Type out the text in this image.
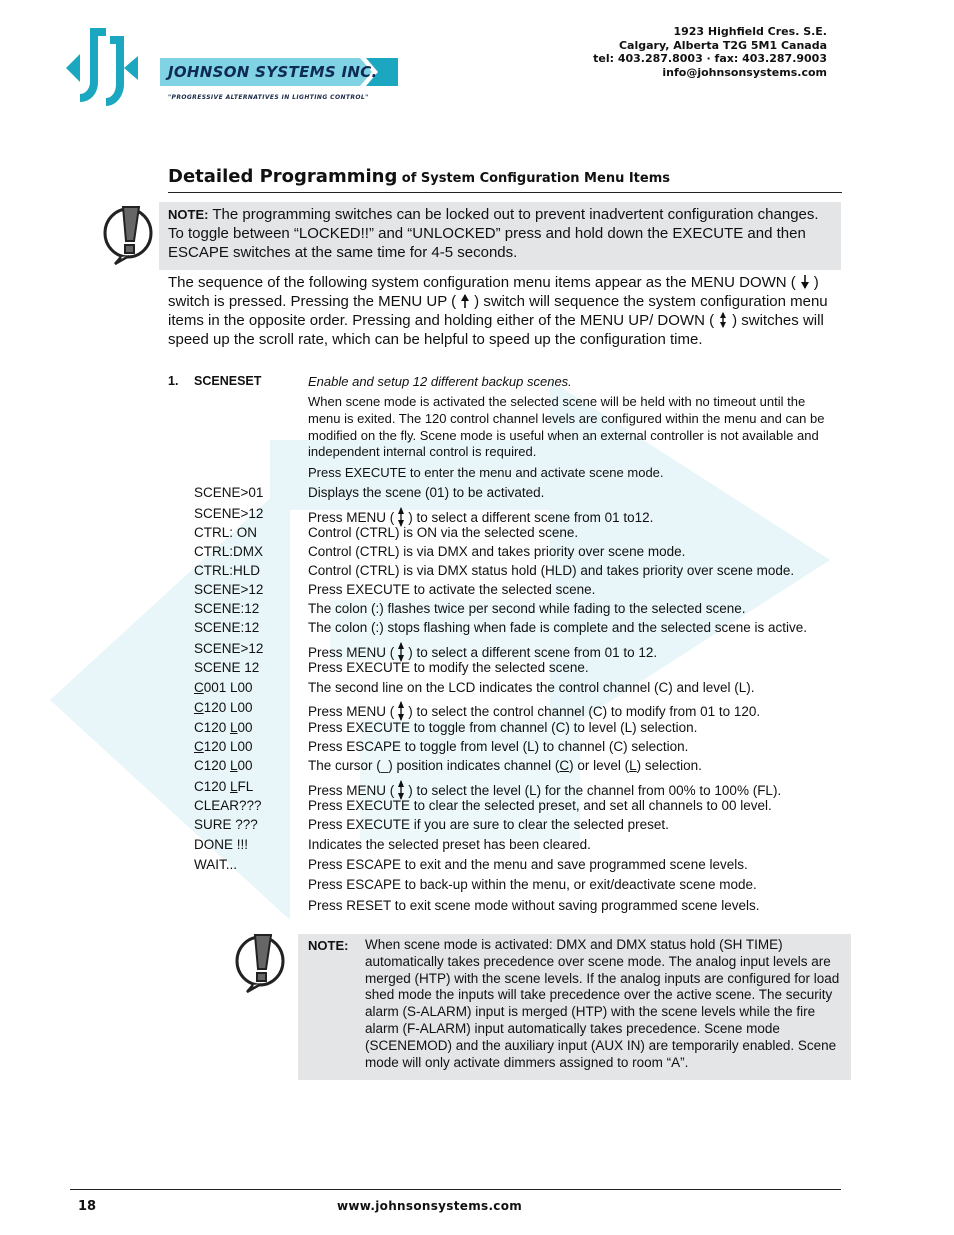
JOHNSON SYSTEMS INC.
"PROGRESSIVE ALTERNATIVES IN LIGHTING CONTROL"
1923 Highfield Cres. S.E.
Calgary, Alberta T2G 5M1 Canada
tel: 403.287.8003 · fax: 403.287.9003
info@johnsonsystems.com
Detailed Programming of System Configuration Menu Items
NOTE: The programming switches can be locked out to prevent inadvertent configuration changes. To toggle between “LOCKED!!” and “UNLOCKED” press and hold down the EXECUTE and then ESCAPE switches at the same time for 4-5 seconds.
The sequence of the following system configuration menu items appear as the MENU DOWN ( ) switch is pressed. Pressing the MENU UP ( ) switch will sequence the system configuration menu items in the opposite order. Pressing and holding either of the MENU UP/ DOWN ( ) switches will speed up the scroll rate, which can be helpful to speed up the configuration time.
1. SCENESET	Enable and setup 12 different backup scenes.
When scene mode is activated the selected scene will be held with no timeout until the menu is exited. The 120 control channel levels are configured within the menu and can be modified on the fly. Scene mode is useful when an external controller is not available and independent internal control is required.
Press EXECUTE to enter the menu and activate scene mode.
SCENE>01	Displays the scene (01) to be activated.
SCENE>12	Press MENU ( ) to select a different scene from 01 to12.
CTRL: ON	Control (CTRL) is ON via the selected scene.
CTRL:DMX	Control (CTRL) is via DMX and takes priority over scene mode.
CTRL:HLD	Control (CTRL) is via DMX status hold (HLD) and takes priority over scene mode.
SCENE>12	Press EXECUTE to activate the selected scene.
SCENE:12	The colon (:) flashes twice per second while fading to the selected scene.
SCENE:12	The colon (:) stops flashing when fade is complete and the selected scene is active.
SCENE>12	Press MENU ( ) to select a different scene from 01 to 12.
SCENE 12	Press EXECUTE to modify the selected scene.
C001 L00	The second line on the LCD indicates the control channel (C) and level (L).
C120 L00	Press MENU ( ) to select the control channel (C) to modify from 01 to 120.
C120 L00	Press EXECUTE to toggle from channel (C) to level (L) selection.
C120 L00	Press ESCAPE to toggle from level (L) to channel (C) selection.
C120 L00	The cursor (_) position indicates channel (C) or level (L) selection.
C120 LFL	Press MENU ( ) to select the level (L) for the channel from 00% to 100% (FL).
CLEAR???	Press EXECUTE to clear the selected preset, and set all channels to 00 level.
SURE ???	Press EXECUTE if you are sure to clear the selected preset.
DONE !!!	Indicates the selected preset has been cleared.
WAIT...	Press ESCAPE to exit and the menu and save programmed scene levels.
Press ESCAPE to back-up within the menu, or exit/deactivate scene mode.
Press RESET to exit scene mode without saving programmed scene levels.
NOTE: When scene mode is activated: DMX and DMX status hold (SH TIME) automatically takes precedence over scene mode. The analog input levels are merged (HTP) with the scene levels. If the analog inputs are configured for load shed mode the inputs will take precedence over the active scene. The security alarm (S-ALARM) input is merged (HTP) with the scene levels while the fire alarm (F-ALARM) input automatically takes precedence. Scene mode (SCENEMOD) and the auxiliary input (AUX IN) are temporarily enabled. Scene mode will only activate dimmers assigned to room “A”.
18	www.johnsonsystems.com
